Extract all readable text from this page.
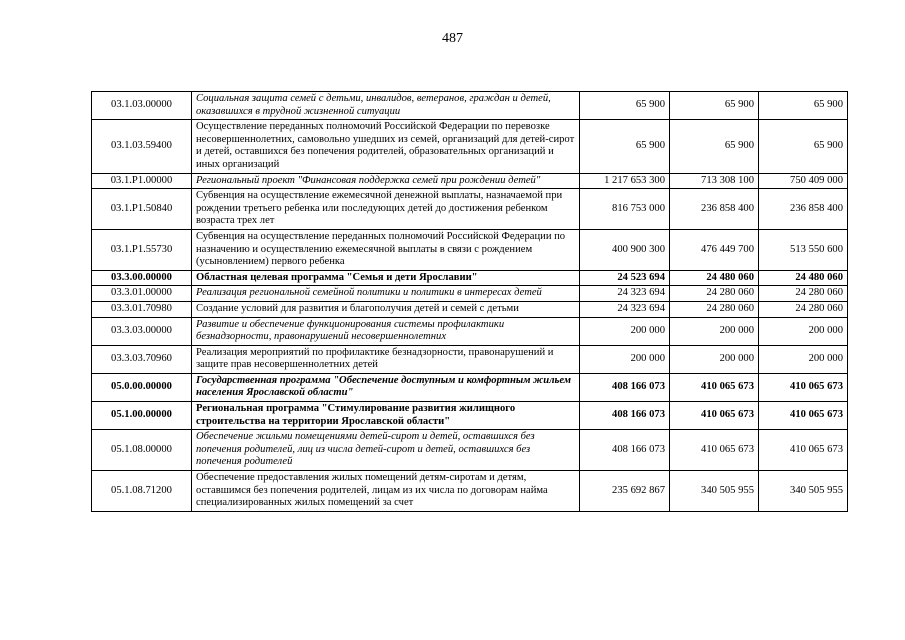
487
03.1.03.00000	Социальная защита семей с детьми, инвалидов, ветеранов, граждан и детей, оказавшихся в трудной жизненной ситуации	65 900	65 900	65 900
03.1.03.59400	Осуществление переданных полномочий Российской Федерации по перевозке несовершеннолетних, самовольно ушедших из семей, организаций для детей-сирот и детей, оставшихся без попечения родителей, образовательных организаций и иных организаций	65 900	65 900	65 900
03.1.P1.00000	Региональный проект "Финансовая поддержка семей при рождении детей"	1 217 653 300	713 308 100	750 409 000
03.1.P1.50840	Субвенция на осуществление ежемесячной денежной выплаты, назначаемой при рождении третьего ребенка или последующих детей до достижения ребенком возраста трех лет	816 753 000	236 858 400	236 858 400
03.1.P1.55730	Субвенция на осуществление переданных полномочий Российской Федерации по назначению и осуществлению ежемесячной выплаты в связи с рождением (усыновлением) первого ребенка	400 900 300	476 449 700	513 550 600
03.3.00.00000	Областная целевая программа "Семья и дети Ярославии"	24 523 694	24 480 060	24 480 060
03.3.01.00000	Реализация региональной семейной политики и политики в интересах детей	24 323 694	24 280 060	24 280 060
03.3.01.70980	Создание условий для развития и благополучия детей и семей с детьми	24 323 694	24 280 060	24 280 060
03.3.03.00000	Развитие и обеспечение функционирования системы профилактики безнадзорности, правонарушений несовершеннолетних	200 000	200 000	200 000
03.3.03.70960	Реализация мероприятий по профилактике безнадзорности, правонарушений и защите прав несовершеннолетних детей	200 000	200 000	200 000
05.0.00.00000	Государственная программа "Обеспечение доступным и комфортным жильем населения Ярославской области"	408 166 073	410 065 673	410 065 673
05.1.00.00000	Региональная программа "Стимулирование развития жилищного строительства на территории Ярославской области"	408 166 073	410 065 673	410 065 673
05.1.08.00000	Обеспечение жильми помещениями детей-сирот и детей, оставшихся без попечения родителей, лиц из числа детей-сирот и детей, оставшихся без попечения родителей	408 166 073	410 065 673	410 065 673
05.1.08.71200	Обеспечение предоставления жилых помещений детям-сиротам и детям, оставшимся без попечения родителей, лицам из их числа по договорам найма специализированных жилых помещений за счет	235 692 867	340 505 955	340 505 955
